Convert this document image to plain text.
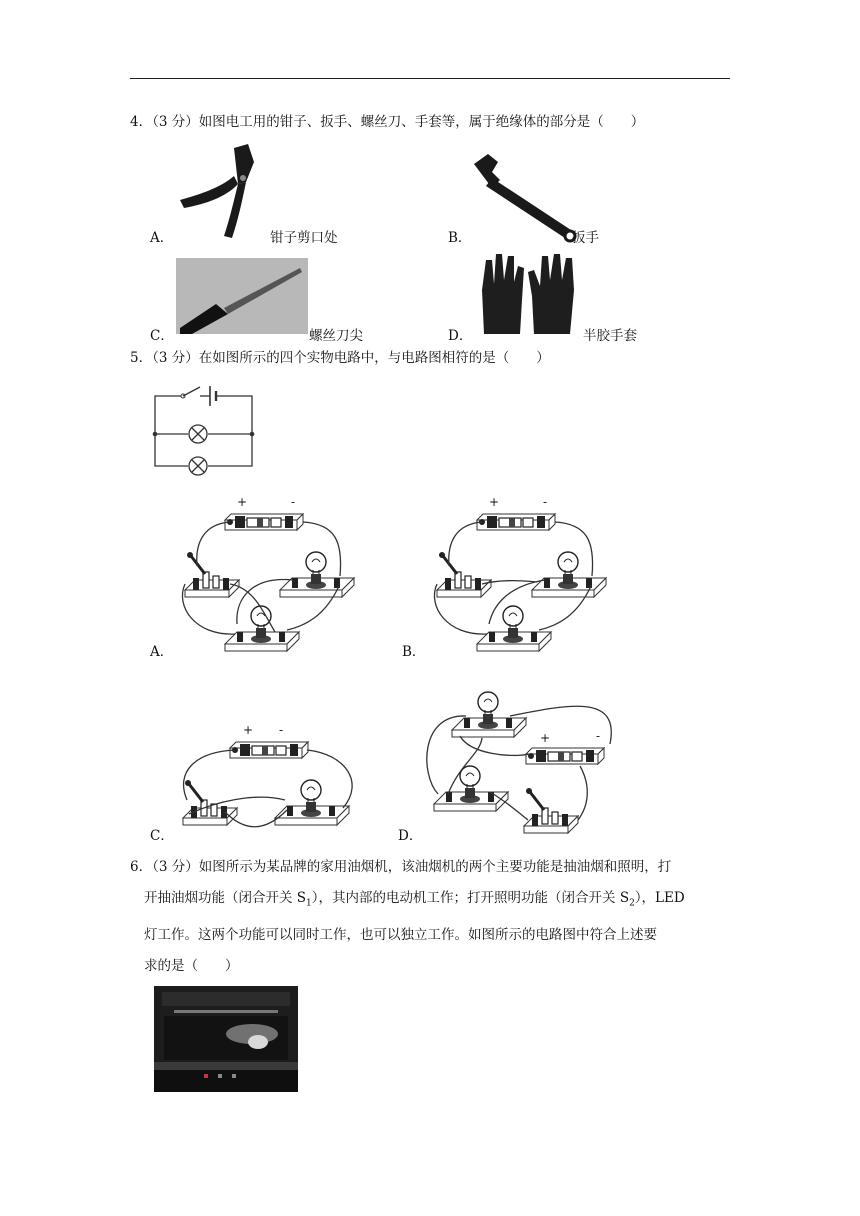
4．（3 分）如图电工用的钳子、扳手、螺丝刀、手套等，属于绝缘体的部分是（　　）
A．	钳子剪口处	B．	扳手
C．	螺丝刀尖	D．	半胶手套
5．（3 分）在如图所示的四个实物电路中，与电路图相符的是（　　）
+	-
A．
+	-
B．
+ -
C．
+	-
D．
6．（3 分）如图所示为某品牌的家用油烟机，该油烟机的两个主要功能是抽油烟和照明，打
开抽油烟功能（闭合开关 $S_1$），其内部的电动机工作；打开照明功能（闭合开关 $S_2$），LED
灯工作。这两个功能可以同时工作，也可以独立工作。如图所示的电路图中符合上述要
求的是（　　）
